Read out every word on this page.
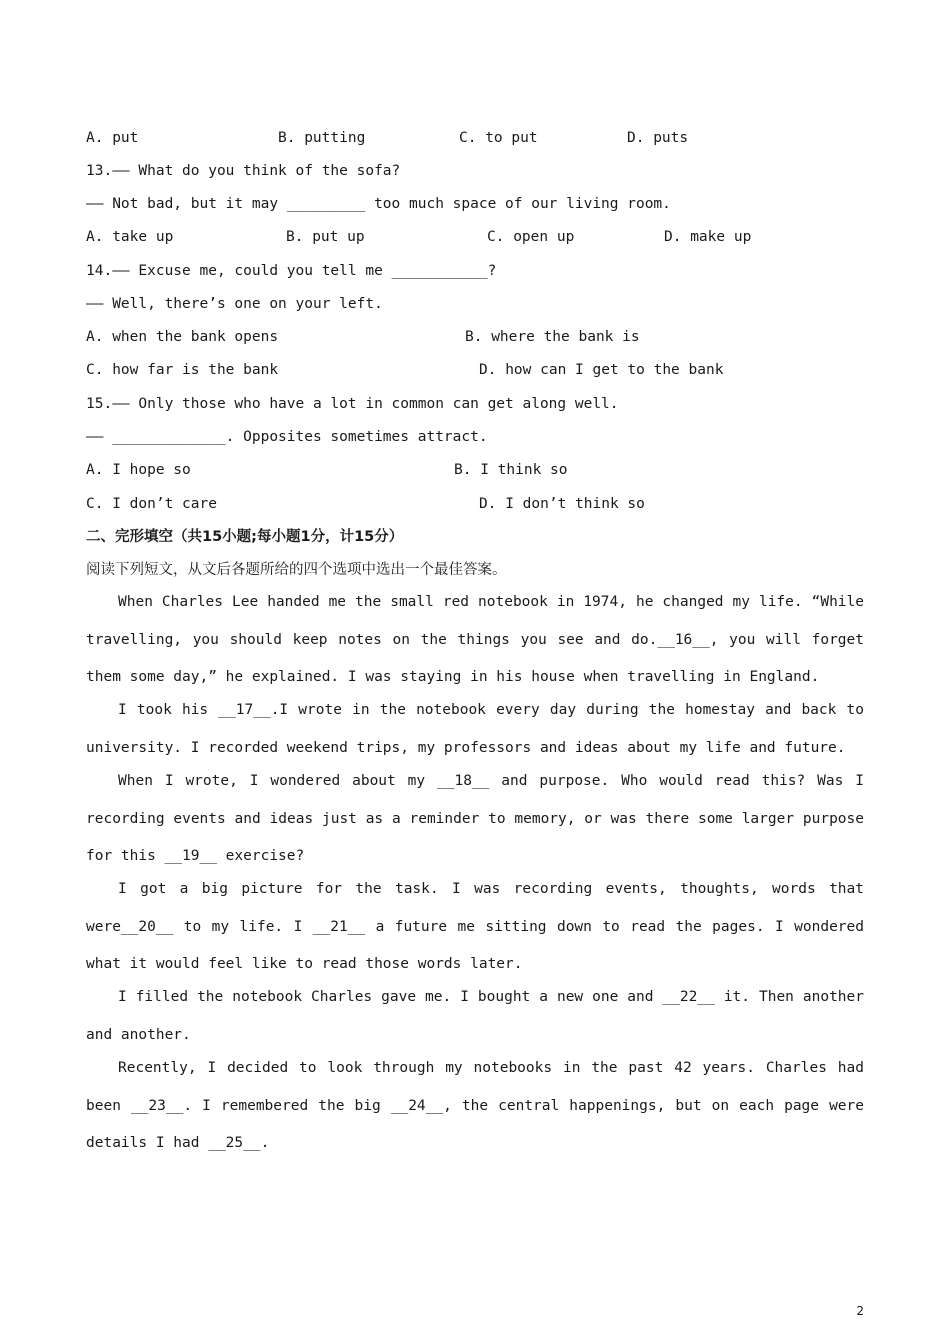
A. put	B. putting	C. to put	D. puts
13.—— What do you think of the sofa?
—— Not bad, but it may _________ too much space of our living room.
A. take up	B. put up	C. open up	D. make up
14.—— Excuse me, could you tell me ___________?
—— Well, there’s one on your left.
A. when the bank opens	B. where the bank is
C. how far is the bank	D. how can I get to the bank
15.—— Only those who have a lot in common can get along well.
—— _____________. Opposites sometimes attract.
A. I hope so	B. I think so
C. I don’t care	D. I don’t think so
二、完形填空（共15小题;每小题1分，计15分）
阅读下列短文，从文后各题所给的四个选项中选出一个最佳答案。
When Charles Lee handed me the small red notebook in 1974, he changed my life. “While travelling, you should keep notes on the things you see and do.__16__, you will forget them some day,” he explained. I was staying in his house when travelling in England.
I took his __17__.I wrote in the notebook every day during the homestay and back to university. I recorded weekend trips, my professors and ideas about my life and future.
When I wrote, I wondered about my __18__ and purpose. Who would read this? Was I recording events and ideas just as a reminder to memory, or was there some larger purpose for this __19__ exercise?
I got a big picture for the task. I was recording events, thoughts, words that were__20__ to my life. I __21__ a future me sitting down to read the pages. I wondered what it would feel like to read those words later.
I filled the notebook Charles gave me. I bought a new one and __22__ it. Then another and another.
Recently, I decided to look through my notebooks in the past 42 years. Charles had been __23__. I remembered the big __24__, the central happenings, but on each page were details I had __25__.
2
